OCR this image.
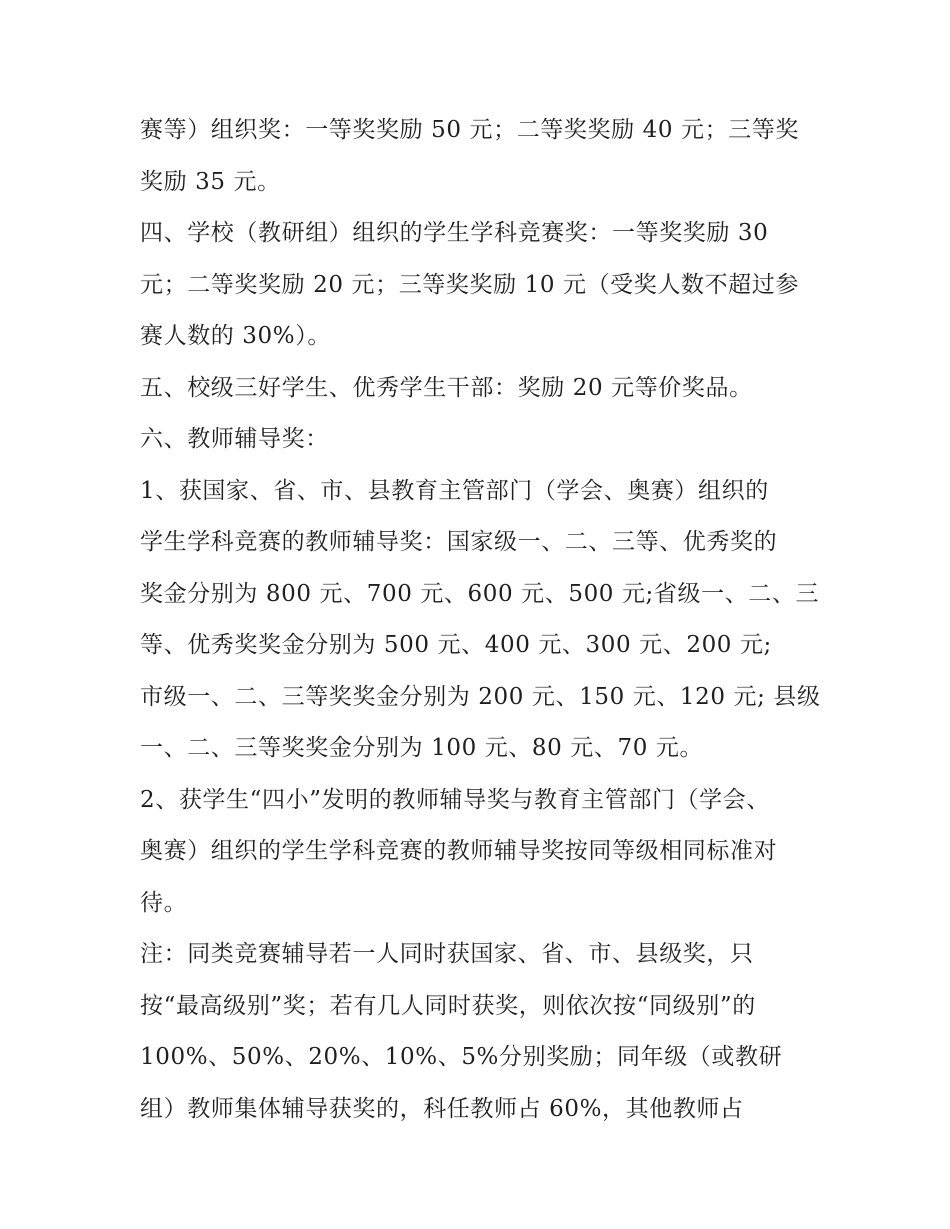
赛等）组织奖：一等奖奖励 50 元；二等奖奖励 40 元；三等奖
奖励 35 元。
四、学校（教研组）组织的学生学科竞赛奖：一等奖奖励 30
元；二等奖奖励 20 元；三等奖奖励 10 元（受奖人数不超过参
赛人数的 30%）。
五、校级三好学生、优秀学生干部：奖励 20 元等价奖品。
六、教师辅导奖：
1、获国家、省、市、县教育主管部门（学会、奥赛）组织的
学生学科竞赛的教师辅导奖：国家级一、二、三等、优秀奖的
奖金分别为 800 元、700 元、600 元、500 元;省级一、二、三
等、优秀奖奖金分别为 500 元、400 元、300 元、200 元;
市级一、二、三等奖奖金分别为 200 元、150 元、120 元; 县级
一、二、三等奖奖金分别为 100 元、80 元、70 元。
2、获学生“四小”发明的教师辅导奖与教育主管部门（学会、
奥赛）组织的学生学科竞赛的教师辅导奖按同等级相同标准对
待。
注：同类竞赛辅导若一人同时获国家、省、市、县级奖，只
按“最高级别”奖；若有几人同时获奖，则依次按“同级别”的
100%、50%、20%、10%、5%分别奖励；同年级（或教研
组）教师集体辅导获奖的，科任教师占 60%，其他教师占
